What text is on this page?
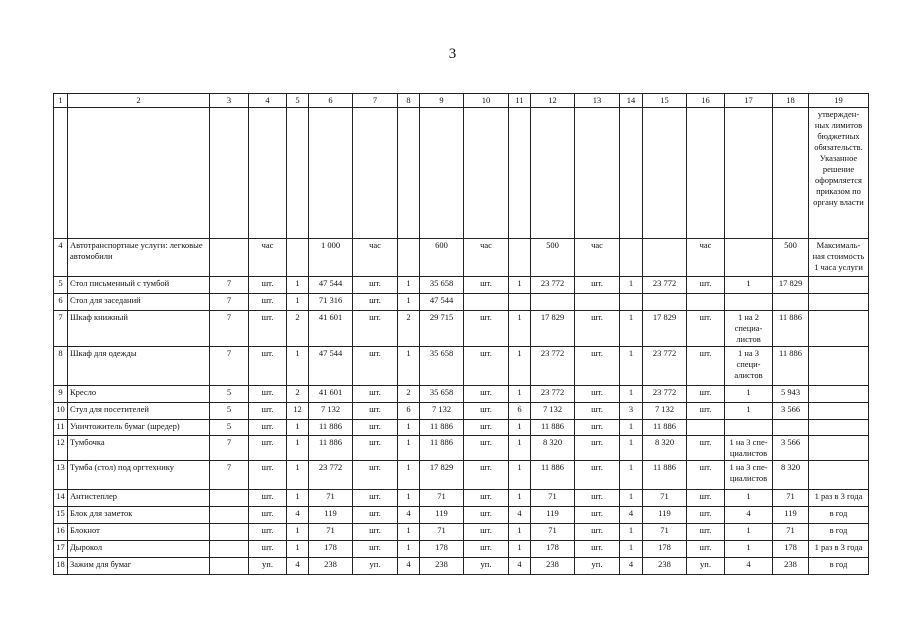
3
1	2	3	4	5	6	7	8	9	10	11	12	13	14	15	16	17	18	19
																		утвержден-ных лимитов бюджетных обязательств. Указанное решение оформляется приказом по органу власти
4	Автотранспортные услуги: легковые автомобили		час		1 000	час		600	час		500	час			час		500	Максималь-ная стоимость 1 часа услуги
5	Стол письменный с тумбой	7	шт.	1	47 544	шт.	1	35 658	шт.	1	23 772	шт.	1	23 772	шт.	1	17 829	
6	Стол для заседаний	7	шт.	1	71 316	шт.	1	47 544										
7	Шкаф книжный	7	шт.	2	41 601	шт.	2	29 715	шт.	1	17 829	шт.	1	17 829	шт.	1 на 2 специа-листов	11 886	
8	Шкаф для одежды	7	шт.	1	47 544	шт.	1	35 658	шт.	1	23 772	шт.	1	23 772	шт.	1 на 3 специ-алистов	11 886	
9	Кресло	5	шт.	2	41 601	шт.	2	35 658	шт.	1	23 772	шт.	1	23 772	шт.	1	5 943	
10	Стул для посетителей	5	шт.	12	7 132	шт.	6	7 132	шт.	6	7 132	шт.	3	7 132	шт.	1	3 566	
11	Уничтожитель бумаг (шредер)	5	шт.	1	11 886	шт.	1	11 886	шт.	1	11 886	шт.	1	11 886				
12	Тумбочка	7	шт.	1	11 886	шт.	1	11 886	шт.	1	8 320	шт.	1	8 320	шт.	1 на 3 спе-циалистов	3 566	
13	Тумба (стол) под оргтехнику	7	шт.	1	23 772	шт.	1	17 829	шт.	1	11 886	шт.	1	11 886	шт.	1 на 3 спе-циалистов	8 320	
14	Антистеплер		шт.	1	71	шт.	1	71	шт.	1	71	шт.	1	71	шт.	1	71	1 раз в 3 года
15	Блок для заметок		шт.	4	119	шт.	4	119	шт.	4	119	шт.	4	119	шт.	4	119	в год
16	Блокнот		шт.	1	71	шт.	1	71	шт.	1	71	шт.	1	71	шт.	1	71	в год
17	Дырокол		шт.	1	178	шт.	1	178	шт.	1	178	шт.	1	178	шт.	1	178	1 раз в 3 года
18	Зажим для бумаг		уп.	4	238	уп.	4	238	уп.	4	238	уп.	4	238	уп.	4	238	в год
